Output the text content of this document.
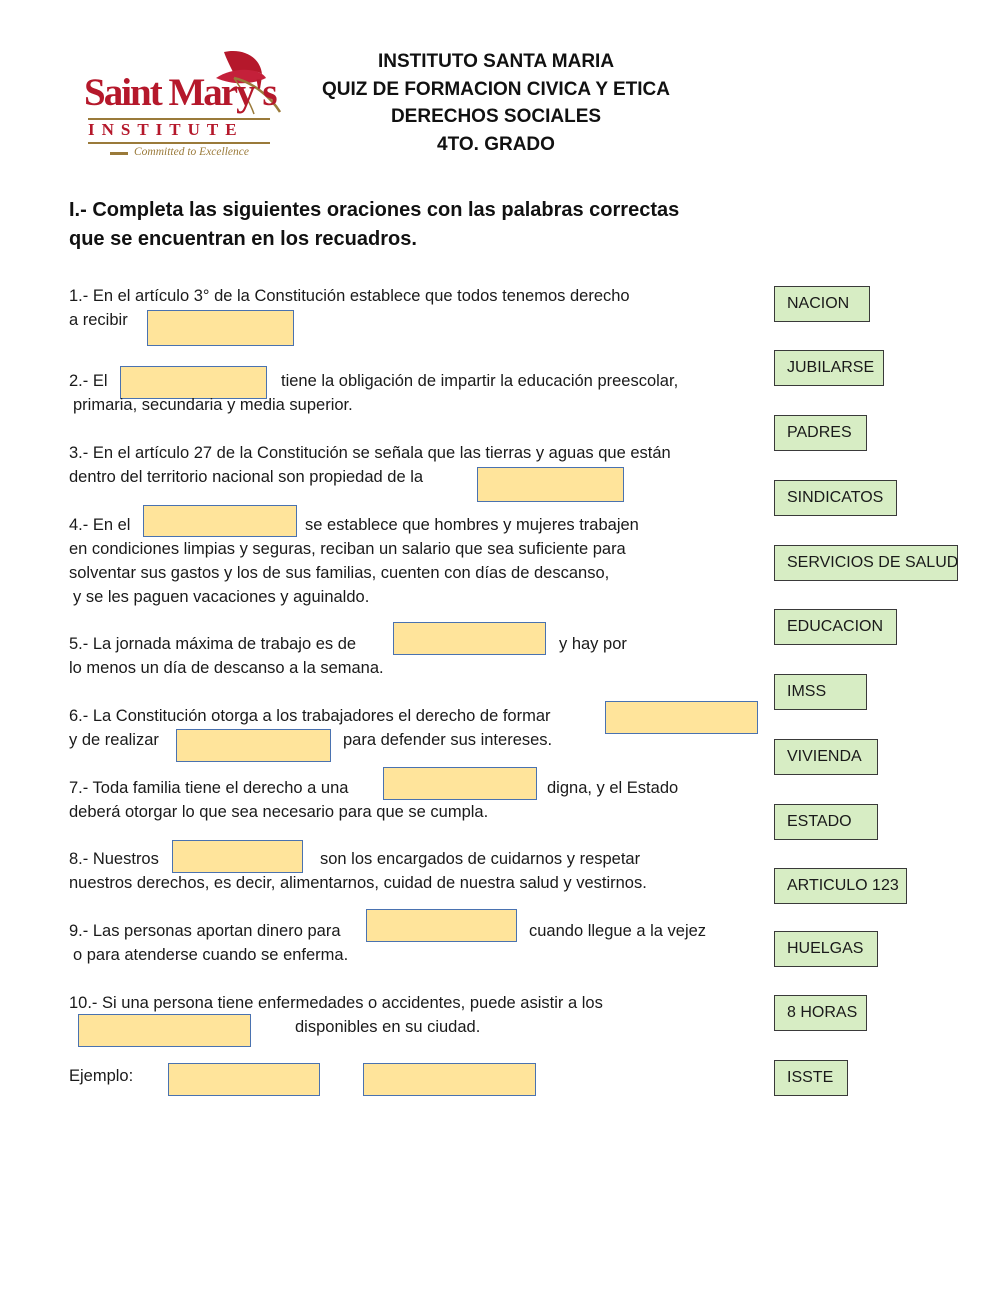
Saint Mary's
INSTITUTE
Committed to Excellence
INSTITUTO SANTA MARIA
QUIZ DE FORMACION CIVICA Y ETICA
DERECHOS SOCIALES
4TO. GRADO
I.- Completa las siguientes oraciones con las palabras correctas
que se encuentran en los recuadros.
1.- En el artículo 3° de la Constitución establece que todos tenemos derecho
a recibir
2.- El	tiene la obligación de impartir la educación preescolar,
primaria, secundaria y media superior.
3.- En el artículo 27 de la Constitución se señala que las tierras y aguas que están
dentro del territorio nacional son propiedad de la
4.- En el	se establece que hombres y mujeres trabajen
en condiciones limpias y seguras, reciban un salario que sea suficiente para
solventar sus gastos y los de sus familias, cuenten con días de descanso,
y se les paguen vacaciones y aguinaldo.
5.- La jornada máxima de trabajo es de	y hay por
lo menos un día de descanso a la semana.
6.- La Constitución otorga a los trabajadores el derecho de formar
y de realizar	para defender sus intereses.
7.- Toda familia tiene el derecho a una	digna, y el Estado
deberá otorgar lo que sea necesario para que se cumpla.
8.- Nuestros	son los encargados de cuidarnos y respetar
nuestros derechos, es decir, alimentarnos, cuidad de nuestra salud y vestirnos.
9.- Las personas aportan dinero para	cuando llegue a la vejez
o para atenderse cuando se enferma.
10.- Si una persona tiene enfermedades o accidentes, puede asistir a los
disponibles en su ciudad.
Ejemplo:
NACION
JUBILARSE
PADRES
SINDICATOS
SERVICIOS DE SALUD
EDUCACION
IMSS
VIVIENDA
ESTADO
ARTICULO 123
HUELGAS
8 HORAS
ISSTE
